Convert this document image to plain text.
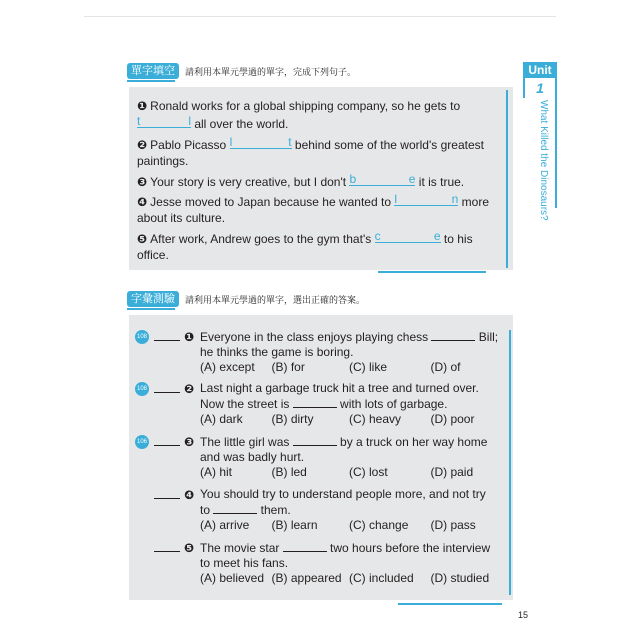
Unit
1
What Killed the Dinosaurs?
單字填空	請利用本單元學過的單字，完成下列句子。
❶ Ronald works for a global shipping company, so he gets to
t	l all over the world.
❷ Pablo Picasso l	t behind some of the world's greatest paintings.
❸ Your story is very creative, but I don't b	e it is true.
❹ Jesse moved to Japan because he wanted to l	n more about its culture.
❺ After work, Andrew goes to the gym that's c	e to his office.
字彙測驗	請利用本單元學過的單字，選出正確的答案。
108	❶ Everyone in the class enjoys playing chess	Bill;
he thinks the game is boring.
(A) except	(B) for	(C) like	(D) of
108	❷ Last night a garbage truck hit a tree and turned over.
Now the street is	with lots of garbage.
(A) dark	(B) dirty	(C) heavy	(D) poor
106	❸ The little girl was	by a truck on her way home
and was badly hurt.
(A) hit	(B) led	(C) lost	(D) paid
❹ You should try to understand people more, and not try
to	them.
(A) arrive	(B) learn	(C) change	(D) pass
❺ The movie star	two hours before the interview
to meet his fans.
(A) believed (B) appeared (C) included	(D) studied
15
